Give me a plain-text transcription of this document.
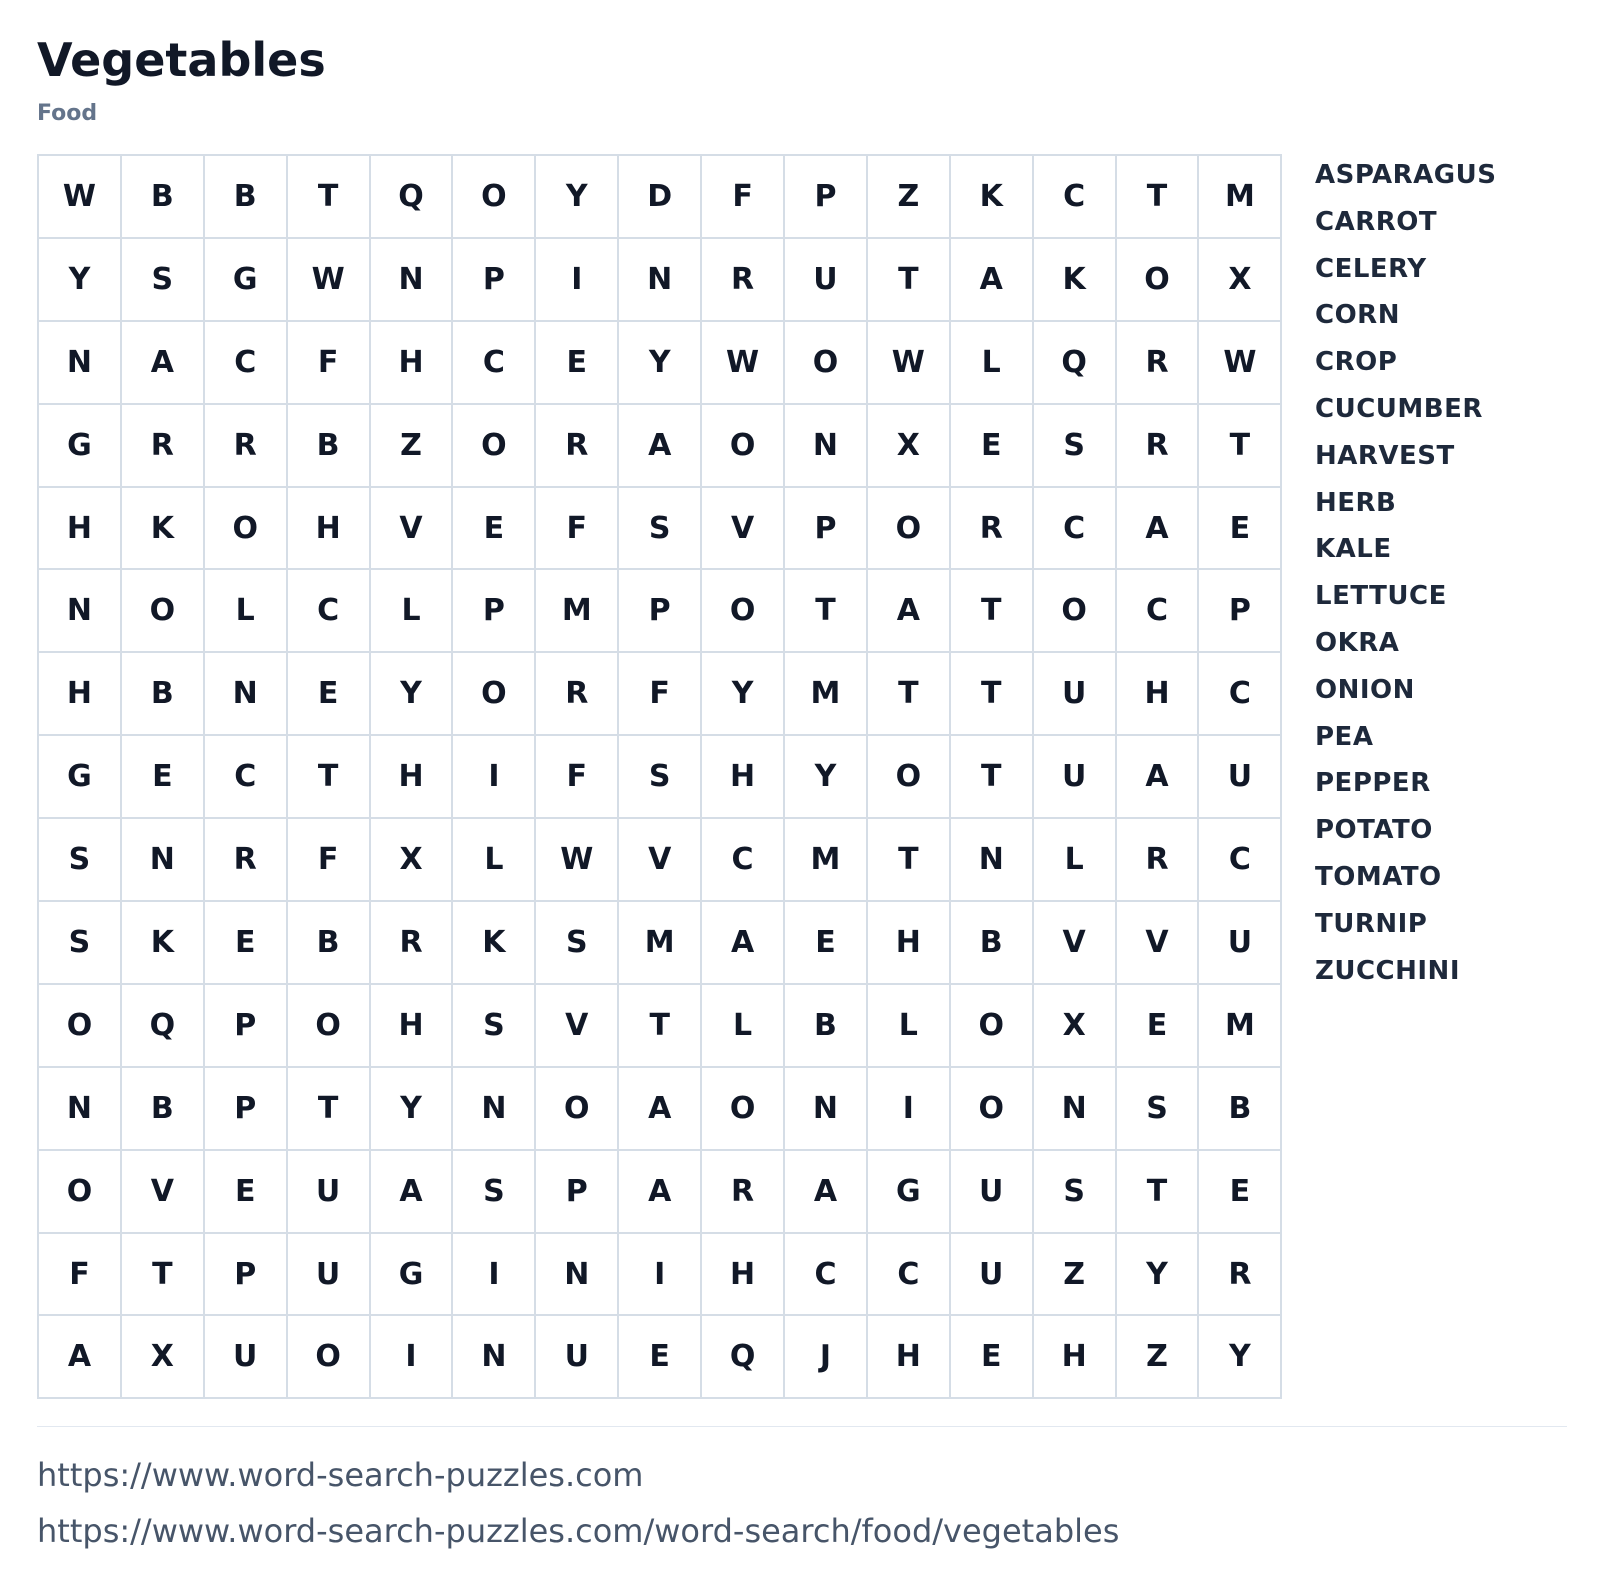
Vegetables
Food
W	B	B	T	Q	O	Y	D	F	P	Z	K	C	T	M
Y	S	G	W	N	P	I	N	R	U	T	A	K	O	X
N	A	C	F	H	C	E	Y	W	O	W	L	Q	R	W
G	R	R	B	Z	O	R	A	O	N	X	E	S	R	T
H	K	O	H	V	E	F	S	V	P	O	R	C	A	E
N	O	L	C	L	P	M	P	O	T	A	T	O	C	P
H	B	N	E	Y	O	R	F	Y	M	T	T	U	H	C
G	E	C	T	H	I	F	S	H	Y	O	T	U	A	U
S	N	R	F	X	L	W	V	C	M	T	N	L	R	C
S	K	E	B	R	K	S	M	A	E	H	B	V	V	U
O	Q	P	O	H	S	V	T	L	B	L	O	X	E	M
N	B	P	T	Y	N	O	A	O	N	I	O	N	S	B
O	V	E	U	A	S	P	A	R	A	G	U	S	T	E
F	T	P	U	G	I	N	I	H	C	C	U	Z	Y	R
A	X	U	O	I	N	U	E	Q	J	H	E	H	Z	Y
ASPARAGUS
CARROT
CELERY
CORN
CROP
CUCUMBER
HARVEST
HERB
KALE
LETTUCE
OKRA
ONION
PEA
PEPPER
POTATO
TOMATO
TURNIP
ZUCCHINI
https://www.word-search-puzzles.com
https://www.word-search-puzzles.com/word-search/food/vegetables
